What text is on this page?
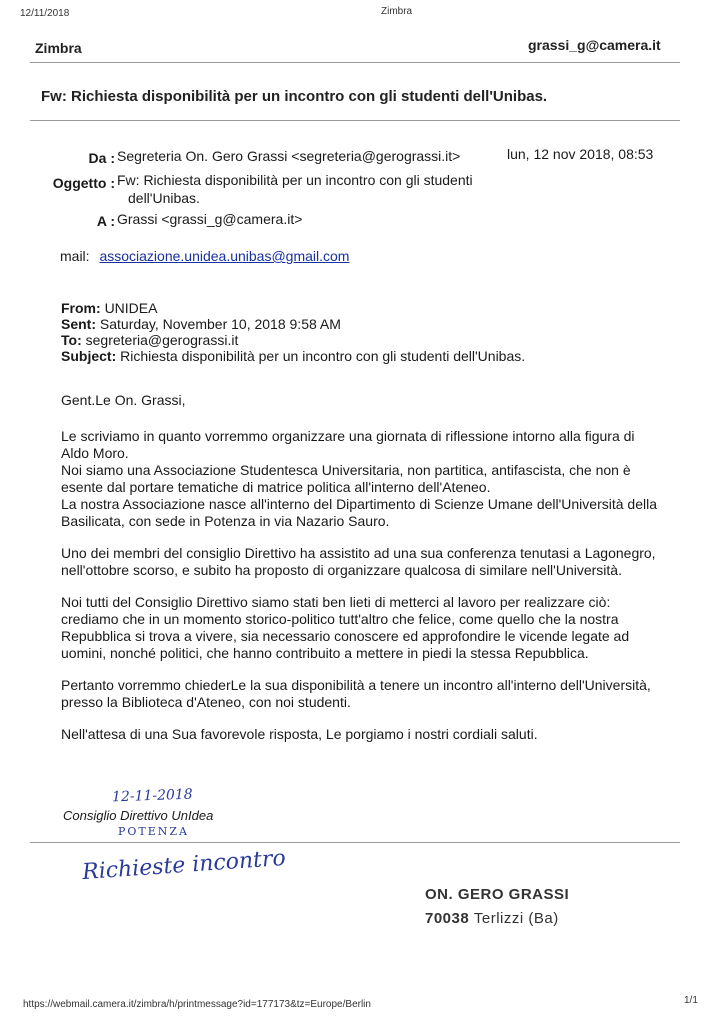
12/11/2018	Zimbra
Zimbra	grassi_g@camera.it
Fw: Richiesta disponibilità per un incontro con gli studenti dell'Unibas.
Da : Segreteria On. Gero Grassi <segreteria@gerograssi.it>	lun, 12 nov 2018, 08:53
Oggetto : Fw: Richiesta disponibilità per un incontro con gli studenti
dell'Unibas.
A : Grassi <grassi_g@camera.it>
mail: associazione.unidea.unibas@gmail.com
From: UNIDEA
Sent: Saturday, November 10, 2018 9:58 AM
To: segreteria@gerograssi.it
Subject: Richiesta disponibilità per un incontro con gli studenti dell'Unibas.

Gent.Le On. Grassi,

Le scriviamo in quanto vorremmo organizzare una giornata di riflessione intorno alla figura di Aldo Moro.
Noi siamo una Associazione Studentesca Universitaria, non partitica, antifascista, che non è esente dal portare tematiche di matrice politica all'interno dell'Ateneo.
La nostra Associazione nasce all'interno del Dipartimento di Scienze Umane dell'Università della Basilicata, con sede in Potenza in via Nazario Sauro.

Uno dei membri del consiglio Direttivo ha assistito ad una sua conferenza tenutasi a Lagonegro, nell'ottobre scorso, e subito ha proposto di organizzare qualcosa di similare nell'Università.

Noi tutti del Consiglio Direttivo siamo stati ben lieti di metterci al lavoro per realizzare ciò: crediamo che in un momento storico-politico tutt'altro che felice, come quello che la nostra
Repubblica si trova a vivere, sia necessario conoscere ed approfondire le vicende legate ad uomini, nonché politici, che hanno contribuito a mettere in piedi la stessa Repubblica.

Pertanto vorremmo chiederLe la sua disponibilità a tenere un incontro all'interno dell'Università, presso la Biblioteca d'Ateneo, con noi studenti.

Nell'attesa di una Sua favorevole risposta, Le porgiamo i nostri cordiali saluti.

12-11-2018
Consiglio Direttivo UnIdea
POTENZA
Richieste incontro
ON. GERO GRASSI
70038 Terlizzi (Ba)
https://webmail.camera.it/zimbra/h/printmessage?id=177173&tz=Europe/Berlin	1/1
